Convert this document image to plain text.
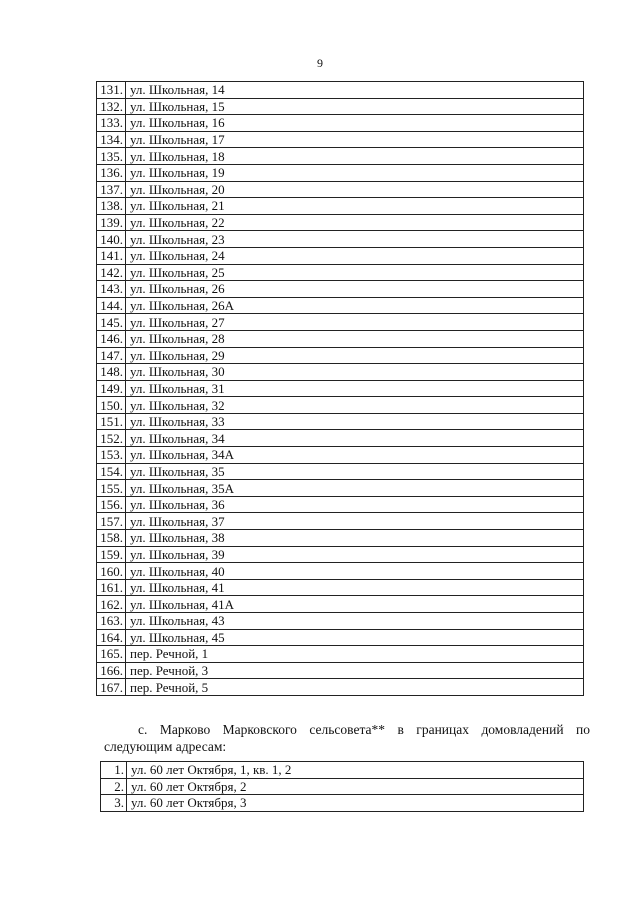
9
131.	ул. Школьная, 14
132.	ул. Школьная, 15
133.	ул. Школьная, 16
134.	ул. Школьная, 17
135.	ул. Школьная, 18
136.	ул. Школьная, 19
137.	ул. Школьная, 20
138.	ул. Школьная, 21
139.	ул. Школьная, 22
140.	ул. Школьная, 23
141.	ул. Школьная, 24
142.	ул. Школьная, 25
143.	ул. Школьная, 26
144.	ул. Школьная, 26А
145.	ул. Школьная, 27
146.	ул. Школьная, 28
147.	ул. Школьная, 29
148.	ул. Школьная, 30
149.	ул. Школьная, 31
150.	ул. Школьная, 32
151.	ул. Школьная, 33
152.	ул. Школьная, 34
153.	ул. Школьная, 34А
154.	ул. Школьная, 35
155.	ул. Школьная, 35А
156.	ул. Школьная, 36
157.	ул. Школьная, 37
158.	ул. Школьная, 38
159.	ул. Школьная, 39
160.	ул. Школьная, 40
161.	ул. Школьная, 41
162.	ул. Школьная, 41А
163.	ул. Школьная, 43
164.	ул. Школьная, 45
165.	пер. Речной, 1
166.	пер. Речной, 3
167.	пер. Речной, 5
с. Марково Марковского сельсовета** в границах домовладений по следующим адресам:
1.	ул. 60 лет Октября, 1, кв. 1, 2
2.	ул. 60 лет Октября, 2
3.	ул. 60 лет Октября, 3
